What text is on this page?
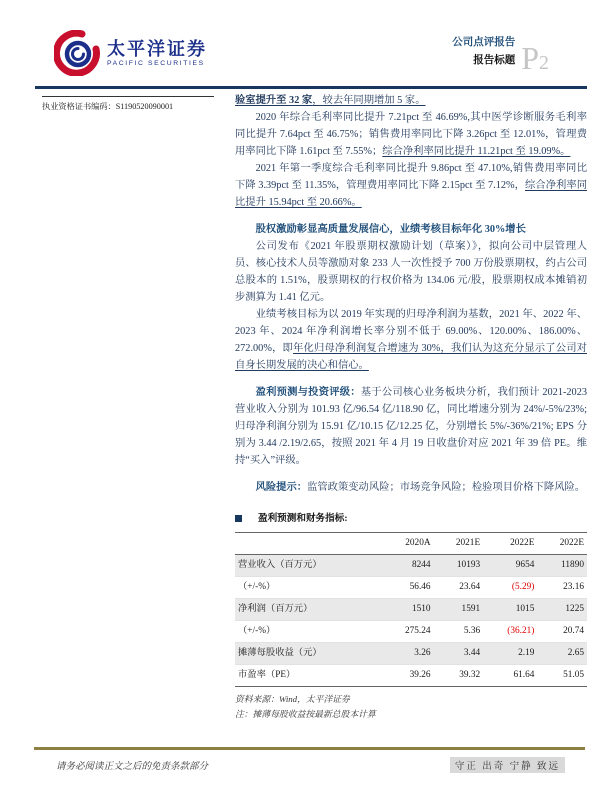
太平洋证券
PACIFIC SECURITIES
公司点评报告
报告标题 P2
执业资格证书编码：S1190520090001

验室提升至 32 家，较去年同期增加 5 家。

2020 年综合毛利率同比提升 7.21pct 至 46.69%,其中医学诊断服务毛利率同比提升 7.64pct 至 46.75%；销售费用率同比下降 3.26pct 至 12.01%，管理费用率同比下降 1.61pct 至 7.55%；综合净利率同比提升 11.21pct 至 19.09%。

2021 年第一季度综合毛利率同比提升 9.86pct 至 47.10%,销售费用率同比下降 3.39pct 至 11.35%，管理费用率同比下降 2.15pct 至 7.12%，综合净利率同比提升 15.94pct 至 20.66%。

股权激励彰显高质量发展信心，业绩考核目标年化 30%增长

公司发布《2021 年股票期权激励计划（草案）》，拟向公司中层管理人员、核心技术人员等激励对象 233 人一次性授予 700 万份股票期权，约占公司总股本的 1.51%，股票期权的行权价格为 134.06 元/股，股票期权成本摊销初步测算为 1.41 亿元。

业绩考核目标为以 2019 年实现的归母净利润为基数，2021 年、2022 年、2023 年、2024 年净利润增长率分别不低于 69.00%、120.00%、186.00%、272.00%，即年化归母净利润复合增速为 30%，我们认为这充分显示了公司对自身长期发展的决心和信心。

盈利预测与投资评级：基于公司核心业务板块分析，我们预计 2021-2023 营业收入分别为 101.93 亿/96.54 亿/118.90 亿，同比增速分别为 24%/-5%/23%;归母净利润分别为 15.91 亿/10.15 亿/12.25 亿，分别增长 5%/-36%/21%; EPS 分别为 3.44 /2.19/2.65，按照 2021 年 4 月 19 日收盘价对应 2021 年 39 倍 PE。维持“买入”评级。

风险提示：监管政策变动风险；市场竞争风险；检验项目价格下降风险。

盈利预测和财务指标:
	2020A	2021E	2022E	2022E
营业收入（百万元）	8244	10193	9654	11890
（+/-%）	56.46	23.64	(5.29)	23.16
净利润（百万元）	1510	1591	1015	1225
（+/-%）	275.24	5.36	(36.21)	20.74
摊薄每股收益（元）	3.26	3.44	2.19	2.65
市盈率（PE）	39.26	39.32	61.64	51.05
资料来源：Wind，太平洋证券
注：摊薄每股收益按最新总股本计算
请务必阅读正文之后的免责条款部分	守正 出奇 宁静 致远
